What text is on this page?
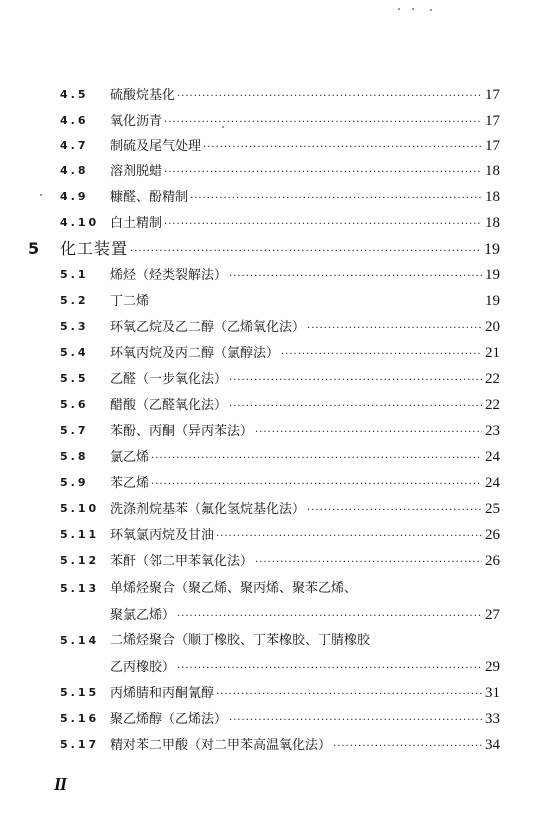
4.5 硫酸烷基化 ·····	17
4.6 氧化沥青 ·····	17
4.7 制硫及尾气处理 ·····	17
4.8 溶剂脱蜡 ·····	18
4.9 糠醛、酚精制 ·····	18
4.10 白土精制 ·····	18
5 化工装置 ·····	19
5.1 烯烃（烃类裂解法） ·····	19
5.2 丁二烯	19
5.3 环氧乙烷及乙二醇（乙烯氧化法） ·····	20
5.4 环氧丙烷及丙二醇（氯醇法） ·····	21
5.5 乙醛（一步氧化法） ·····	22
5.6 醋酸（乙醛氧化法） ·····	22
5.7 苯酚、丙酮（异丙苯法） ·····	23
5.8 氯乙烯 ·····	24
5.9 苯乙烯 ·····	24
5.10 洗涤剂烷基苯（氟化氢烷基化法） ·····	25
5.11 环氧氯丙烷及甘油 ·····	26
5.12 苯酐（邻二甲苯氧化法） ·····	26
5.13 单烯烃聚合（聚乙烯、聚丙烯、聚苯乙烯、
聚氯乙烯） ·····	27
5.14 二烯烃聚合（顺丁橡胶、丁苯橡胶、丁腈橡胶
乙丙橡胶） ·····	29
5.15 丙烯腈和丙酮氰醇 ·····	31
5.16 聚乙烯醇（乙烯法） ·····	33
5.17 精对苯二甲酸（对二甲苯高温氧化法） ·····	34
II
